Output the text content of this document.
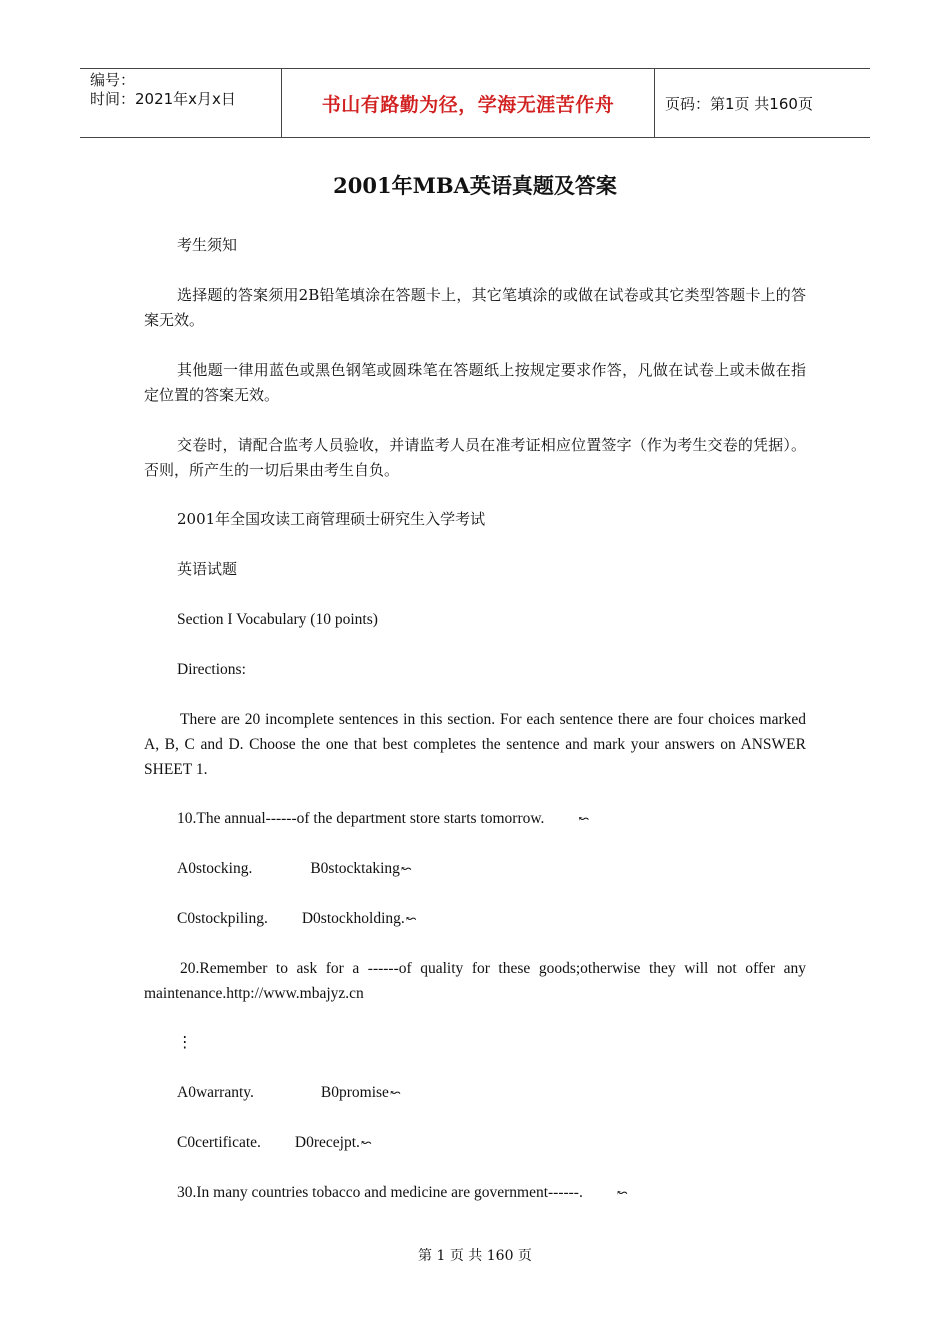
编号：
时间：2021年x月x日	书山有路勤为径，学海无涯苦作舟	页码：第1页 共160页
2001年MBA英语真题及答案
考生须知
选择题的答案须用2B铅笔填涂在答题卡上，其它笔填涂的或做在试卷或其它类型答题卡上的答案无效。
其他题一律用蓝色或黑色钢笔或圆珠笔在答题纸上按规定要求作答，凡做在试卷上或未做在指定位置的答案无效。
交卷时，请配合监考人员验收，并请监考人员在准考证相应位置签字（作为考生交卷的凭据）。否则，所产生的一切后果由考生自负。
2001年全国攻读工商管理硕士研究生入学考试
英语试题
Section I Vocabulary (10 points)
Directions:
There are 20 incomplete sentences in this section. For each sentence there are four choices marked A, B, C and D. Choose the one that best completes the sentence and mark your answers on ANSWER SHEET 1.
10.The annual------of the department store starts tomorrow.	↜
A0stocking.	B0stocktaking↜
C0stockpiling. D0stockholding.↜
20.Remember to ask for a ------of quality for these goods;otherwise they will not offer any maintenance.http://www.mbajyz.cn
⋮
A0warranty.	B0promise↜
C0certificate. D0recejpt.↜
30.In many countries tobacco and medicine are government------.	↜
第 1 页 共 160 页
